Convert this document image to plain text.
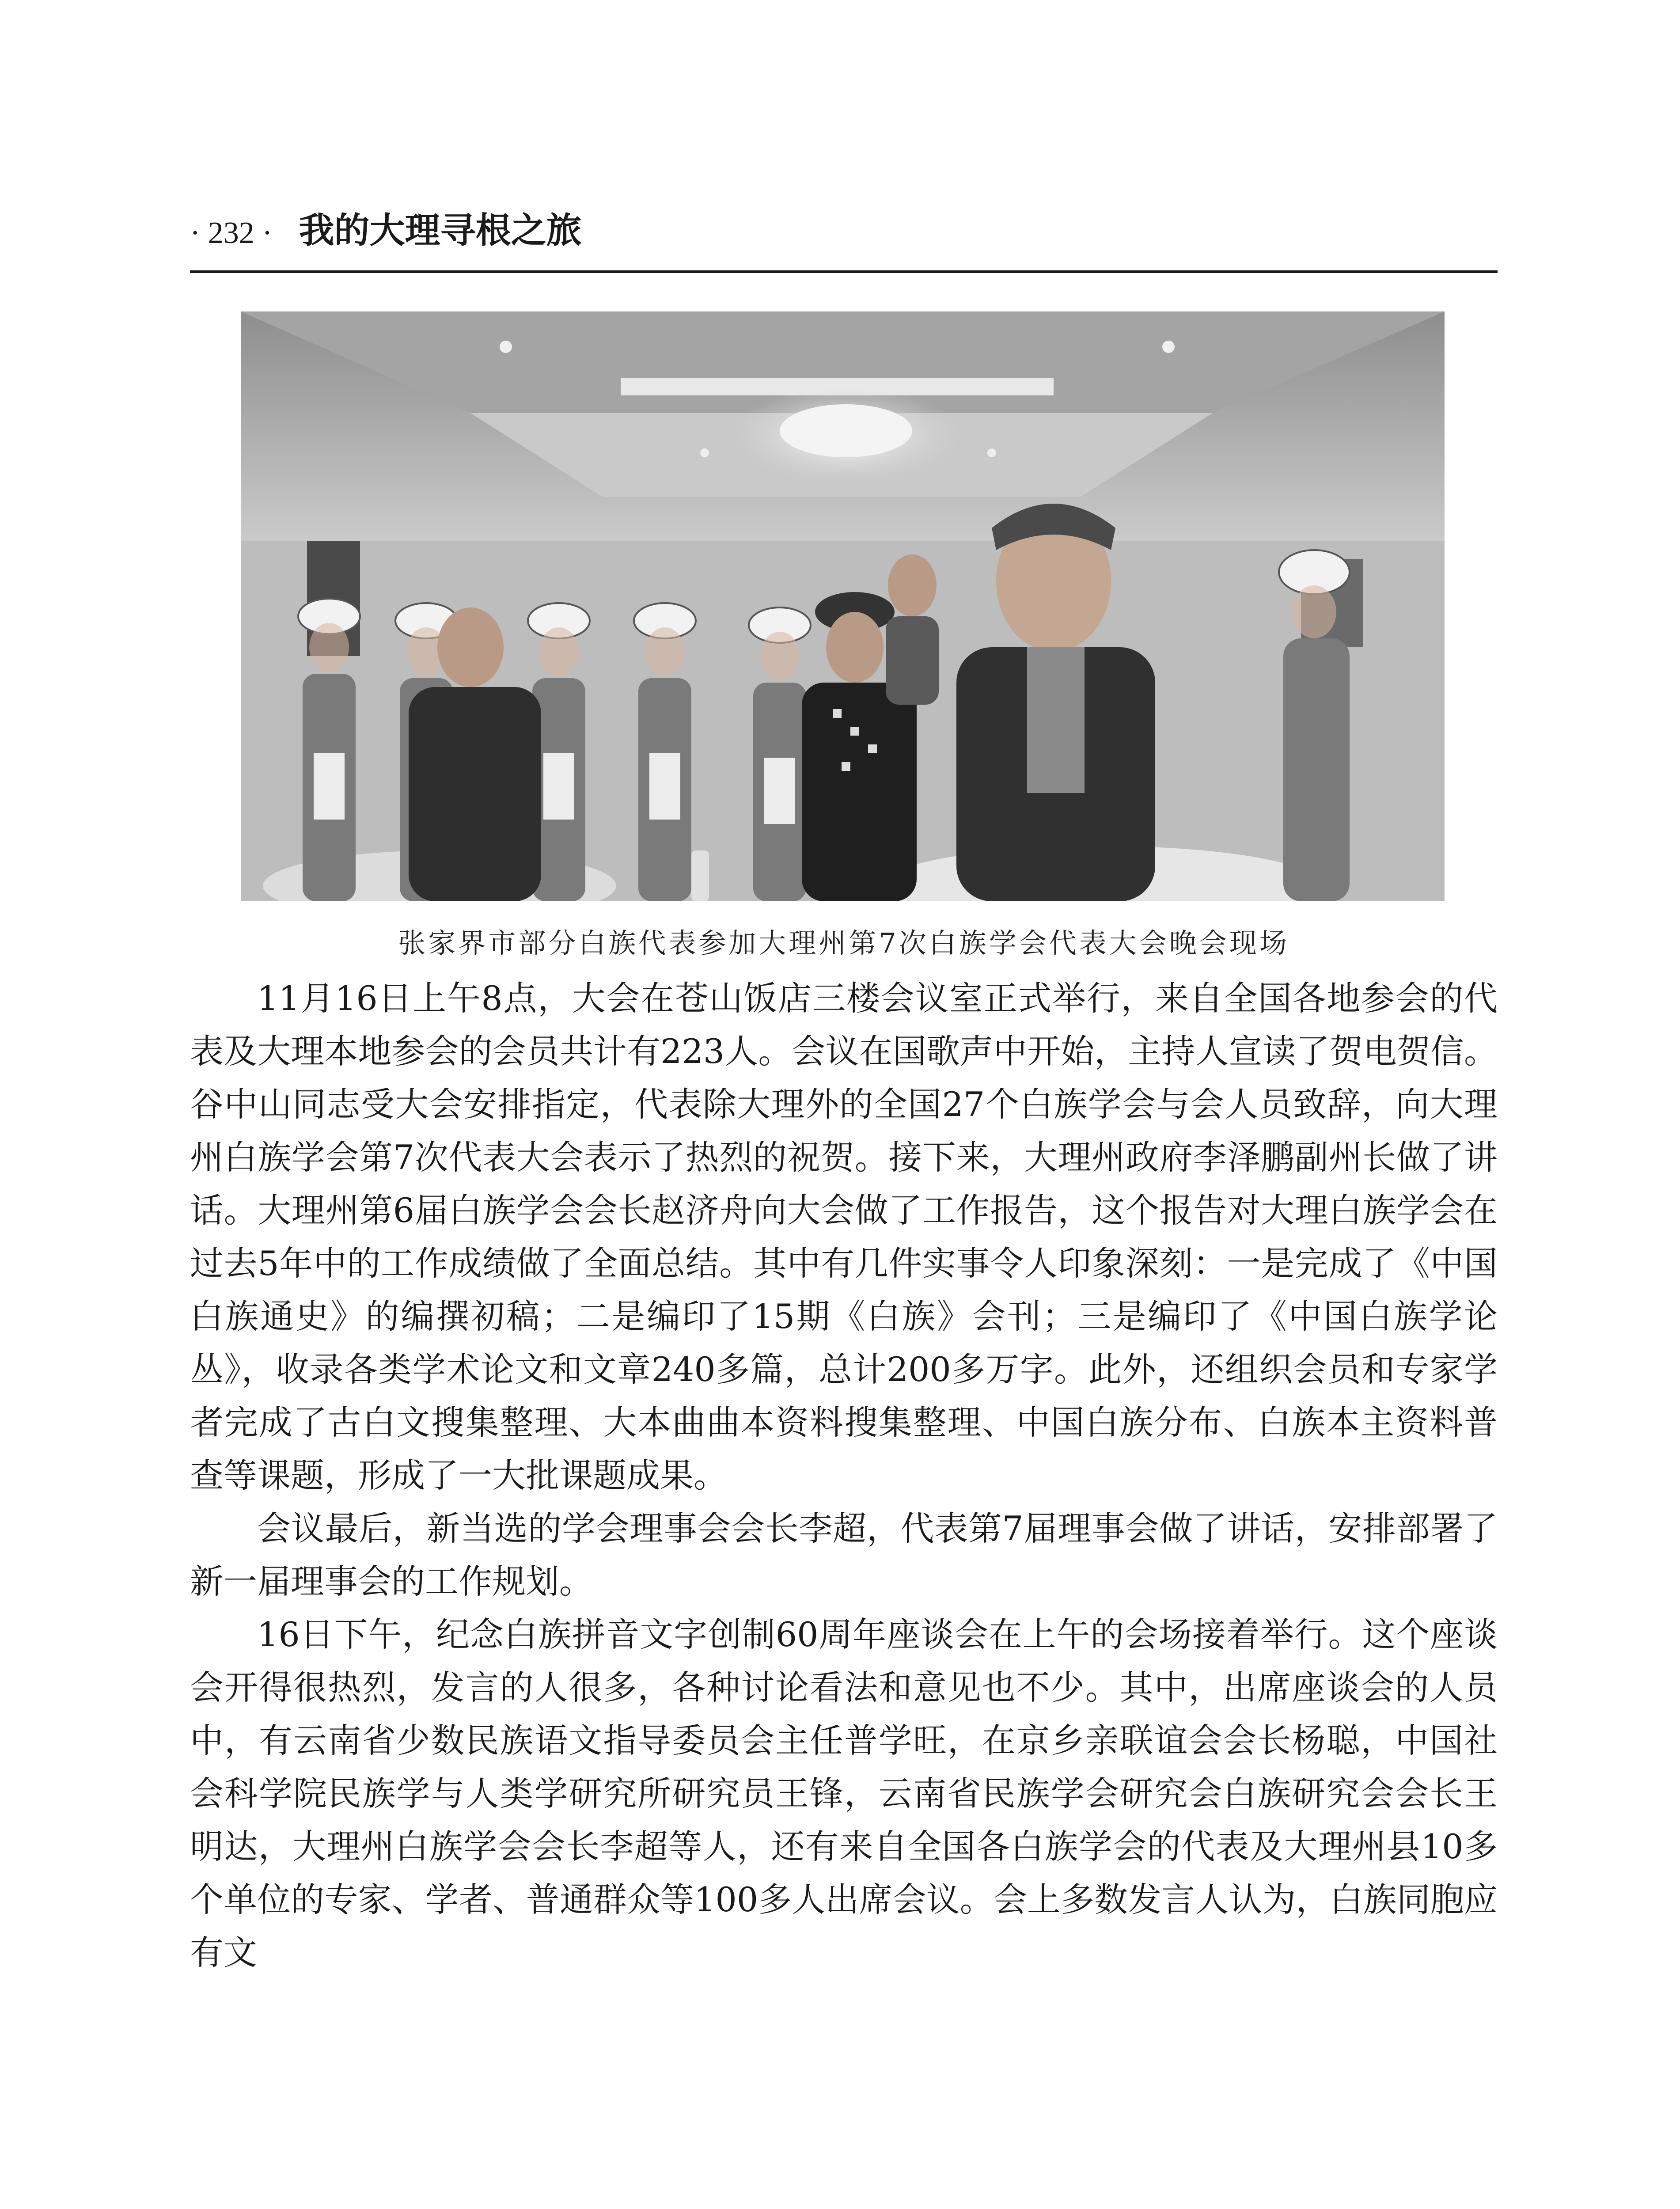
· 232 · 我的大理寻根之旅
张家界市部分白族代表参加大理州第7次白族学会代表大会晚会现场

11月16日上午8点，大会在苍山饭店三楼会议室正式举行，来自全国各地参会的代表及大理本地参会的会员共计有223人。会议在国歌声中开始，主持人宣读了贺电贺信。谷中山同志受大会安排指定，代表除大理外的全国27个白族学会与会人员致辞，向大理州白族学会第7次代表大会表示了热烈的祝贺。接下来，大理州政府李泽鹏副州长做了讲话。大理州第6届白族学会会长赵济舟向大会做了工作报告，这个报告对大理白族学会在过去5年中的工作成绩做了全面总结。其中有几件实事令人印象深刻：一是完成了《中国白族通史》的编撰初稿；二是编印了15期《白族》会刊；三是编印了《中国白族学论丛》，收录各类学术论文和文章240多篇，总计200多万字。此外，还组织会员和专家学者完成了古白文搜集整理、大本曲曲本资料搜集整理、中国白族分布、白族本主资料普查等课题，形成了一大批课题成果。

会议最后，新当选的学会理事会会长李超，代表第7届理事会做了讲话，安排部署了新一届理事会的工作规划。

16日下午，纪念白族拼音文字创制60周年座谈会在上午的会场接着举行。这个座谈会开得很热烈，发言的人很多，各种讨论看法和意见也不少。其中，出席座谈会的人员中，有云南省少数民族语文指导委员会主任普学旺，在京乡亲联谊会会长杨聪，中国社会科学院民族学与人类学研究所研究员王锋，云南省民族学会研究会白族研究会会长王明达，大理州白族学会会长李超等人，还有来自全国各白族学会的代表及大理州县10多个单位的专家、学者、普通群众等100多人出席会议。会上多数发言人认为，白族同胞应有文
